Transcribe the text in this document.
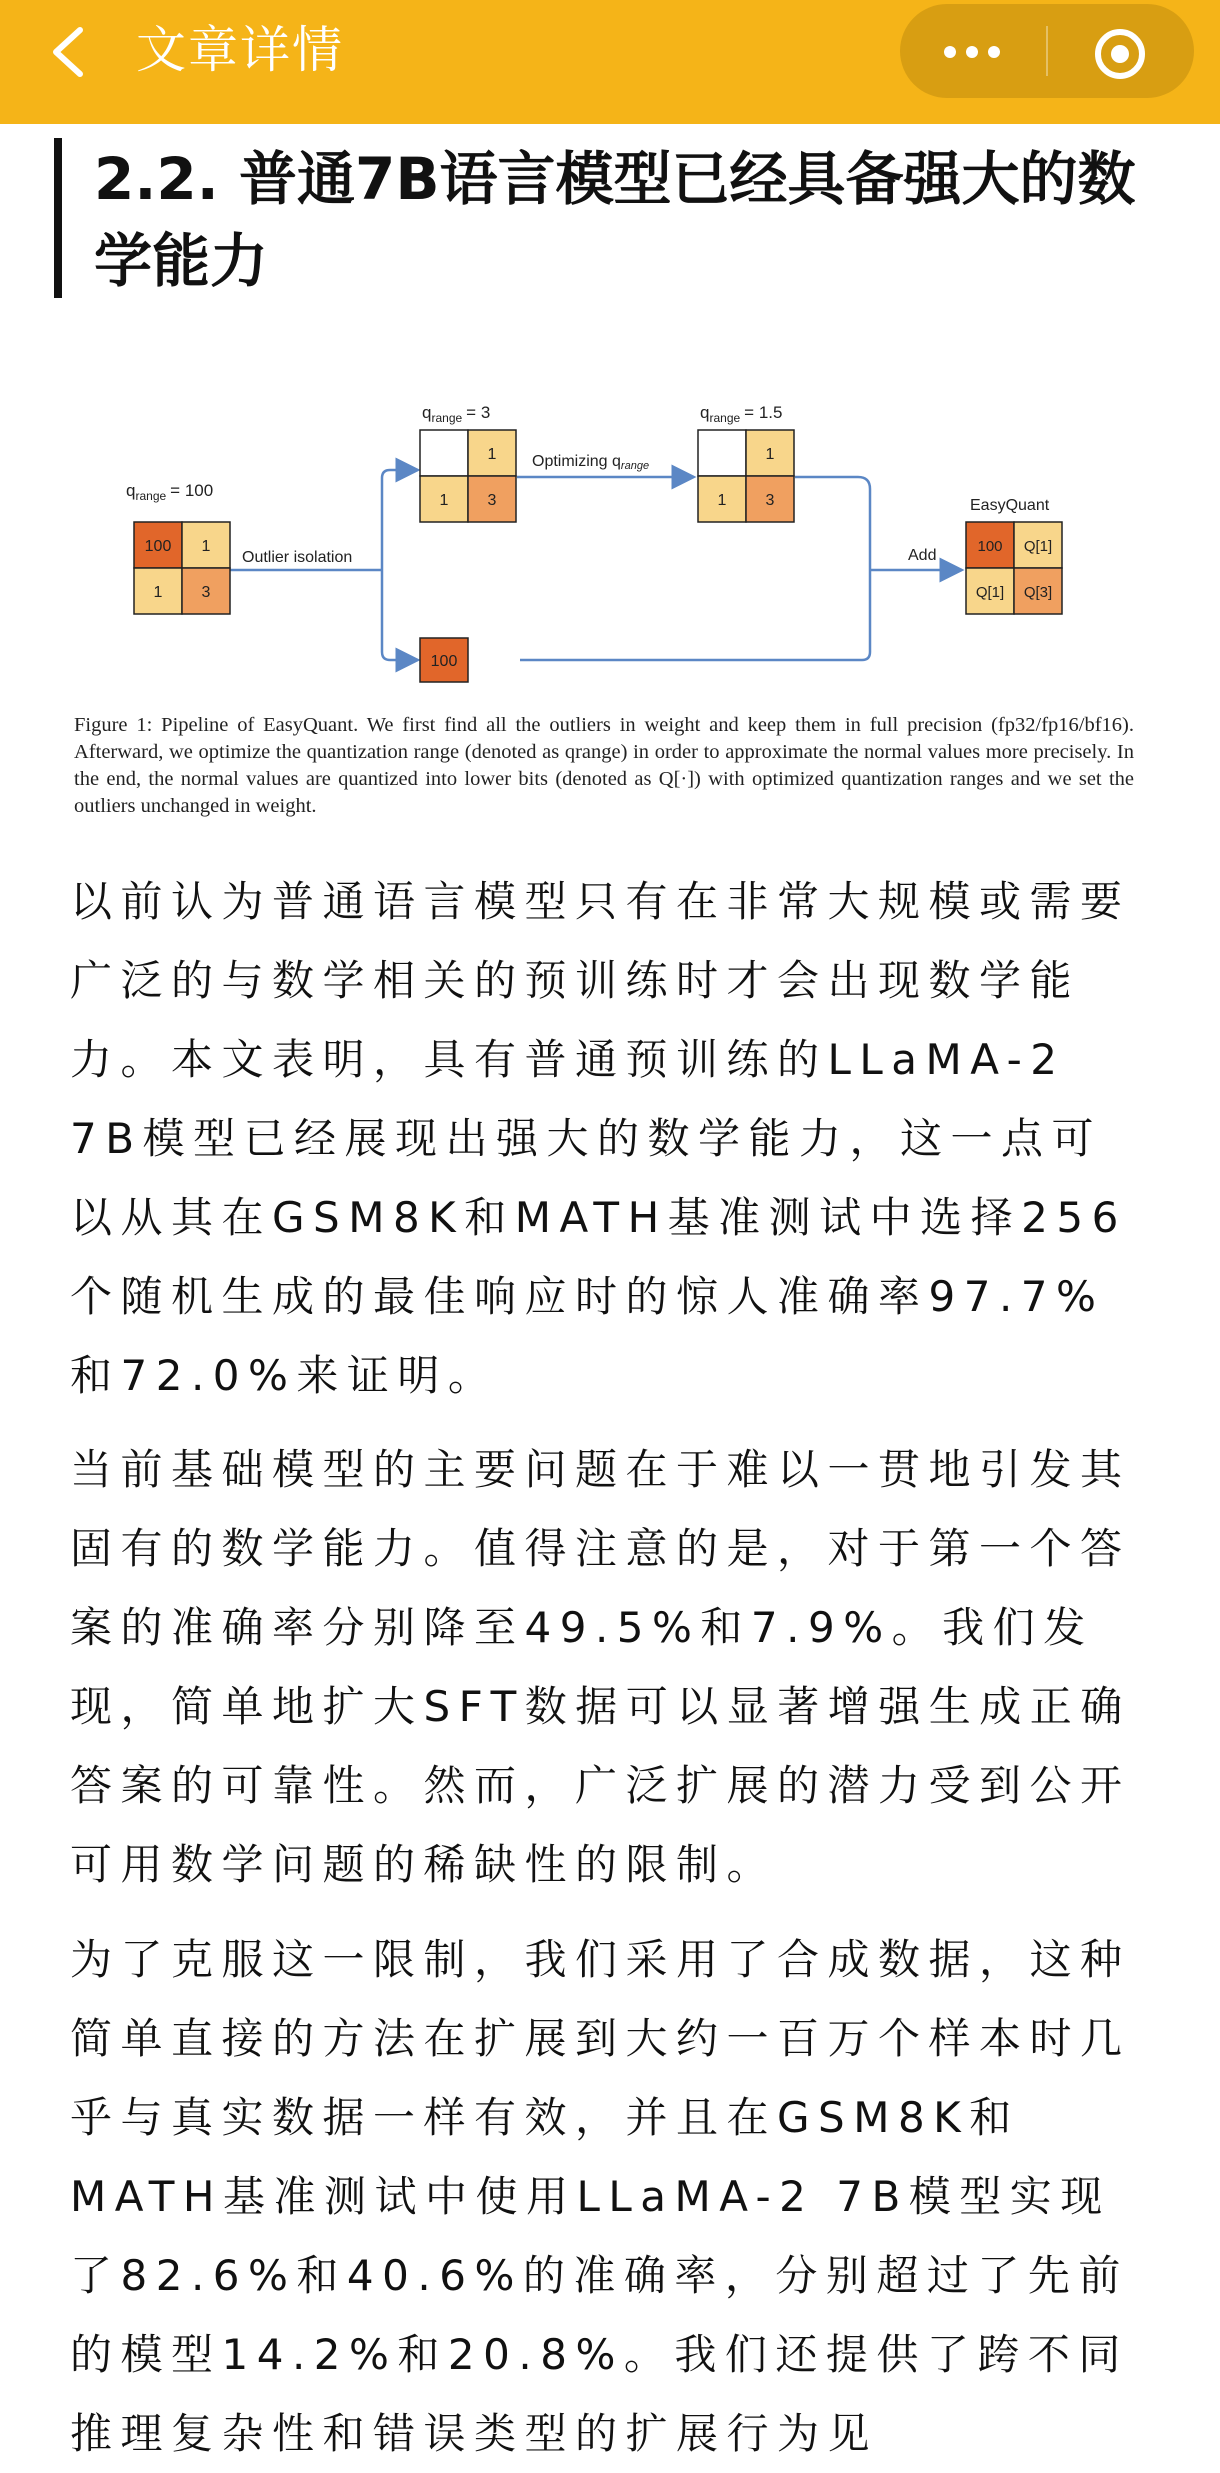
文章详情
2.2. 普通7B语言模型已经具备强大的数学能力
$q_{range} = 100$
$q_{range} = 3$	$q_{range} = 1.5$
Outlier isolation
Optimizing qrange
Add
EasyQuant
100 1
1 3
1
1 3
1
1 3
100
100 Q[1]
Q[1] Q[3]

Figure 1: Pipeline of EasyQuant. We first find all the outliers in weight and keep them in full precision (fp32/fp16/bf16). Afterward, we optimize the quantization range (denoted as qrange) in order to approximate the normal values more precisely. In the end, the normal values are quantized into lower bits (denoted as Q[·]) with optimized quantization ranges and we set the outliers unchanged in weight.

以前认为普通语言模型只有在非常大规模或需要广泛的与数学相关的预训练时才会出现数学能力。本文表明，具有普通预训练的LLaMA-2 7B模型已经展现出强大的数学能力，这一点可以从其在GSM8K和MATH基准测试中选择256个随机生成的最佳响应时的惊人准确率97.7%和72.0%来证明。

当前基础模型的主要问题在于难以一贯地引发其固有的数学能力。值得注意的是，对于第一个答案的准确率分别降至49.5%和7.9%。我们发现，简单地扩大SFT数据可以显著增强生成正确答案的可靠性。然而，广泛扩展的潜力受到公开可用数学问题的稀缺性的限制。

为了克服这一限制，我们采用了合成数据，这种简单直接的方法在扩展到大约一百万个样本时几乎与真实数据一样有效，并且在GSM8K和MATH基准测试中使用LLaMA-2 7B模型实现了82.6%和40.6%的准确率，分别超过了先前的模型14.2%和20.8%。我们还提供了跨不同推理复杂性和错误类型的扩展行为见
